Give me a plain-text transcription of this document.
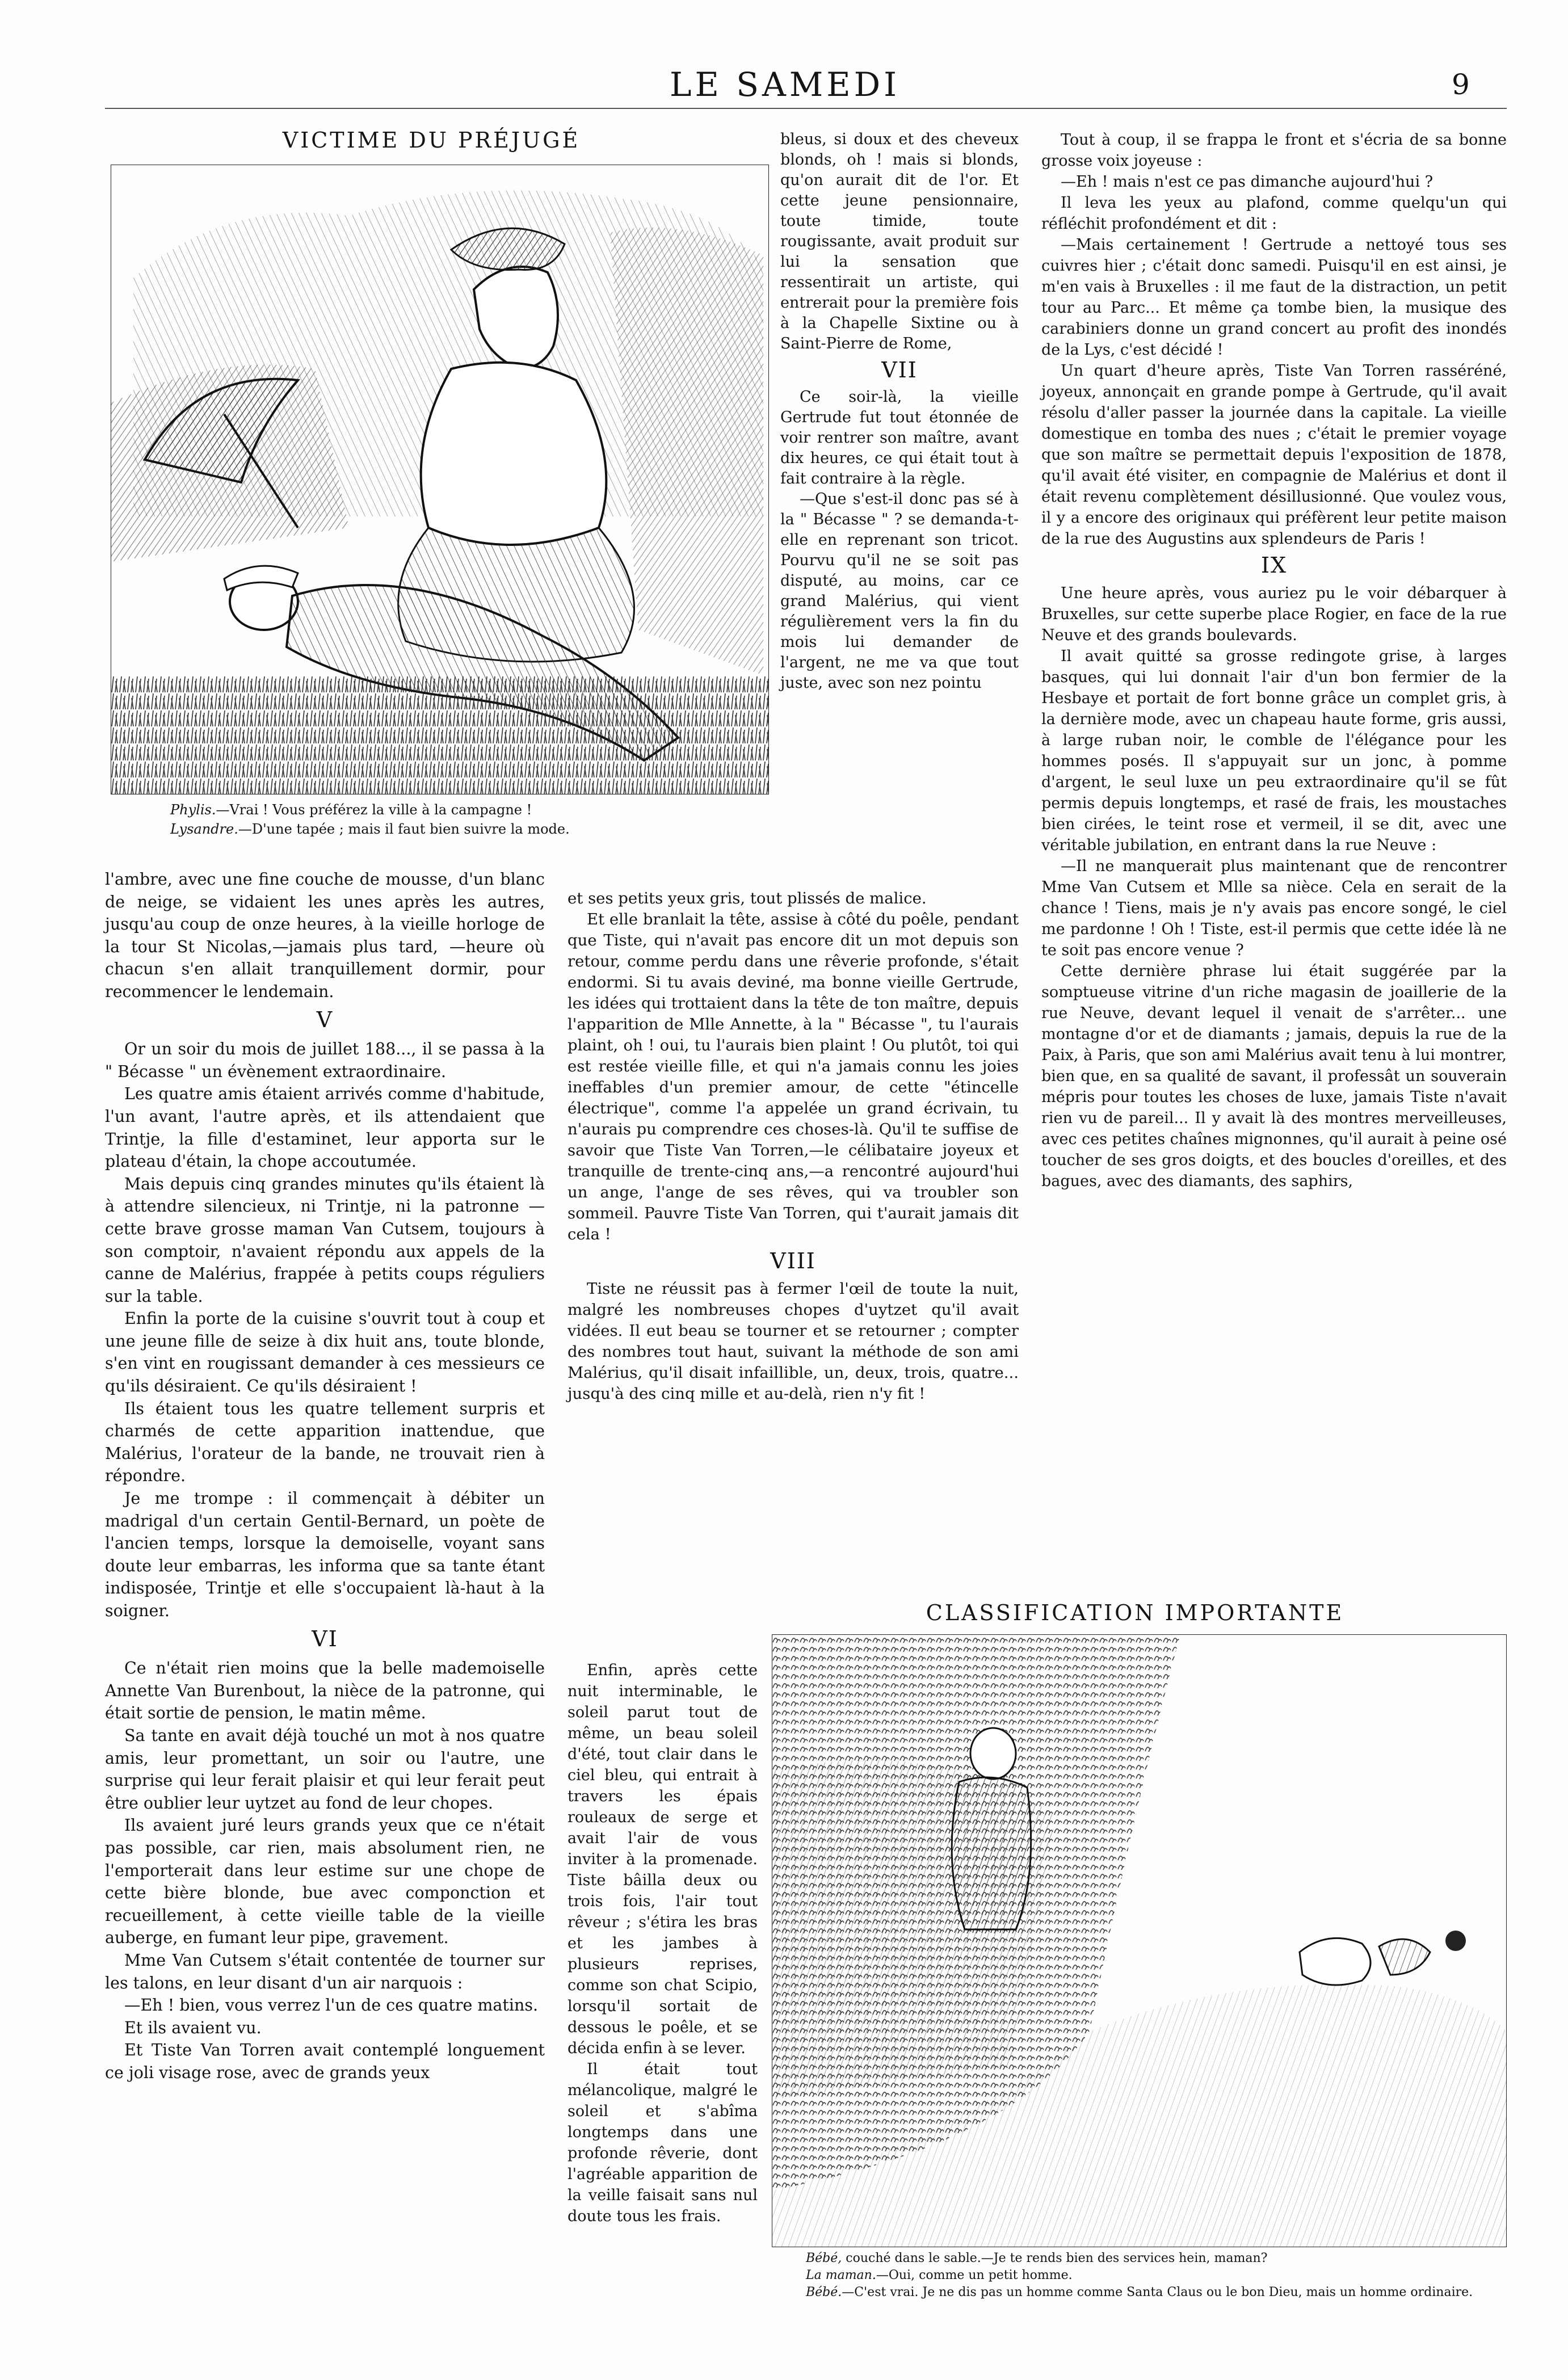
LE SAMEDI	9
VICTIME DU PRÉJUGÉ
Phylis.—Vrai ! Vous préférez la ville à la campagne !
Lysandre.—D'une tapée ; mais il faut bien suivre la mode.

l'ambre, avec une fine couche de mousse, d'un blanc de neige, se vidaient les unes après les autres, jusqu'au coup de onze heures, à la vieille horloge de la tour St Nicolas,—jamais plus tard, —heure où chacun s'en allait tranquillement dormir, pour recommencer le lendemain.

V

Or un soir du mois de juillet 188..., il se passa à la " Bécasse " un évènement extraordinaire.

Les quatre amis étaient arrivés comme d'habitude, l'un avant, l'autre après, et ils attendaient que Trintje, la fille d'estaminet, leur apporta sur le plateau d'étain, la chope accoutumée.

Mais depuis cinq grandes minutes qu'ils étaient là à attendre silencieux, ni Trintje, ni la patronne —cette brave grosse maman Van Cutsem, toujours à son comptoir, n'avaient répondu aux appels de la canne de Malérius, frappée à petits coups réguliers sur la table.

Enfin la porte de la cuisine s'ouvrit tout à coup et une jeune fille de seize à dix huit ans, toute blonde, s'en vint en rougissant demander à ces messieurs ce qu'ils désiraient. Ce qu'ils désiraient !

Ils étaient tous les quatre tellement surpris et charmés de cette apparition inattendue, que Malérius, l'orateur de la bande, ne trouvait rien à répondre.

Je me trompe : il commençait à débiter un madrigal d'un certain Gentil-Bernard, un poète de l'ancien temps, lorsque la demoiselle, voyant sans doute leur embarras, les informa que sa tante étant indisposée, Trintje et elle s'occupaient là-haut à la soigner.

VI

Ce n'était rien moins que la belle mademoiselle Annette Van Burenbout, la nièce de la patronne, qui était sortie de pension, le matin même.

Sa tante en avait déjà touché un mot à nos quatre amis, leur promettant, un soir ou l'autre, une surprise qui leur ferait plaisir et qui leur ferait peut être oublier leur uytzet au fond de leur chopes.

Ils avaient juré leurs grands yeux que ce n'était pas possible, car rien, mais absolument rien, ne l'emporterait dans leur estime sur une chope de cette bière blonde, bue avec componction et recueillement, à cette vieille table de la vieille auberge, en fumant leur pipe, gravement.

Mme Van Cutsem s'était contentée de tourner sur les talons, en leur disant d'un air narquois :

—Eh ! bien, vous verrez l'un de ces quatre matins.

Et ils avaient vu.

Et Tiste Van Torren avait contemplé longuement ce joli visage rose, avec de grands yeux

bleus, si doux et des cheveux blonds, oh ! mais si blonds, qu'on aurait dit de l'or. Et cette jeune pensionnaire, toute timide, toute rougissante, avait produit sur lui la sensation que ressentirait un artiste, qui entrerait pour la première fois à la Chapelle Sixtine ou à Saint-Pierre de Rome,

VII

Ce soir-là, la vieille Gertrude fut tout étonnée de voir rentrer son maître, avant dix heures, ce qui était tout à fait contraire à la règle.

—Que s'est-il donc pas sé à la " Bécasse " ? se demanda-t-elle en reprenant son tricot. Pourvu qu'il ne se soit pas disputé, au moins, car ce grand Malérius, qui vient régulièrement vers la fin du mois lui demander de l'argent, ne me va que tout juste, avec son nez pointu

et ses petits yeux gris, tout plissés de malice.

Et elle branlait la tête, assise à côté du poêle, pendant que Tiste, qui n'avait pas encore dit un mot depuis son retour, comme perdu dans une rêverie profonde, s'était endormi. Si tu avais deviné, ma bonne vieille Gertrude, les idées qui trottaient dans la tête de ton maître, depuis l'apparition de Mlle Annette, à la " Bécasse ", tu l'aurais plaint, oh ! oui, tu l'aurais bien plaint ! Ou plutôt, toi qui est restée vieille fille, et qui n'a jamais connu les joies ineffables d'un premier amour, de cette "étincelle électrique", comme l'a appelée un grand écrivain, tu n'aurais pu comprendre ces choses-là. Qu'il te suffise de savoir que Tiste Van Torren,—le célibataire joyeux et tranquille de trente-cinq ans,—a rencontré aujourd'hui un ange, l'ange de ses rêves, qui va troubler son sommeil. Pauvre Tiste Van Torren, qui t'aurait jamais dit cela !

VIII

Tiste ne réussit pas à fermer l'œil de toute la nuit, malgré les nombreuses chopes d'uytzet qu'il avait vidées. Il eut beau se tourner et se retourner ; compter des nombres tout haut, suivant la méthode de son ami Malérius, qu'il disait infaillible, un, deux, trois, quatre... jusqu'à des cinq mille et au-delà, rien n'y fit !

Enfin, après cette nuit interminable, le soleil parut tout de même, un beau soleil d'été, tout clair dans le ciel bleu, qui entrait à travers les épais rouleaux de serge et avait l'air de vous inviter à la promenade. Tiste bâilla deux ou trois fois, l'air tout rêveur ; s'étira les bras et les jambes à plusieurs reprises, comme son chat Scipio, lorsqu'il sortait de dessous le poêle, et se décida enfin à se lever.

Il était tout mélancolique, malgré le soleil et s'abîma longtemps dans une profonde rêverie, dont l'agréable apparition de la veille faisait sans nul doute tous les frais.

Tout à coup, il se frappa le front et s'écria de sa bonne grosse voix joyeuse :

—Eh ! mais n'est ce pas dimanche aujourd'hui ?

Il leva les yeux au plafond, comme quelqu'un qui réfléchit profondément et dit :

—Mais certainement ! Gertrude a nettoyé tous ses cuivres hier ; c'était donc samedi. Puisqu'il en est ainsi, je m'en vais à Bruxelles : il me faut de la distraction, un petit tour au Parc... Et même ça tombe bien, la musique des carabiniers donne un grand concert au profit des inondés de la Lys, c'est décidé !

Un quart d'heure après, Tiste Van Torren rasséréné, joyeux, annonçait en grande pompe à Gertrude, qu'il avait résolu d'aller passer la journée dans la capitale. La vieille domestique en tomba des nues ; c'était le premier voyage que son maître se permettait depuis l'exposition de 1878, qu'il avait été visiter, en compagnie de Malérius et dont il était revenu complètement désillusionné. Que voulez vous, il y a encore des originaux qui préfèrent leur petite maison de la rue des Augustins aux splendeurs de Paris !

IX

Une heure après, vous auriez pu le voir débarquer à Bruxelles, sur cette superbe place Rogier, en face de la rue Neuve et des grands boulevards.

Il avait quitté sa grosse redingote grise, à larges basques, qui lui donnait l'air d'un bon fermier de la Hesbaye et portait de fort bonne grâce un complet gris, à la dernière mode, avec un chapeau haute forme, gris aussi, à large ruban noir, le comble de l'élégance pour les hommes posés. Il s'appuyait sur un jonc, à pomme d'argent, le seul luxe un peu extraordinaire qu'il se fût permis depuis longtemps, et rasé de frais, les moustaches bien cirées, le teint rose et vermeil, il se dit, avec une véritable jubilation, en entrant dans la rue Neuve :

—Il ne manquerait plus maintenant que de rencontrer Mme Van Cutsem et Mlle sa nièce. Cela en serait de la chance ! Tiens, mais je n'y avais pas encore songé, le ciel me pardonne ! Oh ! Tiste, est-il permis que cette idée là ne te soit pas encore venue ?

Cette dernière phrase lui était suggérée par la somptueuse vitrine d'un riche magasin de joaillerie de la rue Neuve, devant lequel il venait de s'arrêter... une montagne d'or et de diamants ; jamais, depuis la rue de la Paix, à Paris, que son ami Malérius avait tenu à lui montrer, bien que, en sa qualité de savant, il professât un souverain mépris pour toutes les choses de luxe, jamais Tiste n'avait rien vu de pareil... Il y avait là des montres merveilleuses, avec ces petites chaînes mignonnes, qu'il aurait à peine osé toucher de ses gros doigts, et des boucles d'oreilles, et des bagues, avec des diamants, des saphirs,

CLASSIFICATION IMPORTANTE
Bébé, couché dans le sable.—Je te rends bien des services hein, maman?
La maman.—Oui, comme un petit homme.
Bébé.—C'est vrai. Je ne dis pas un homme comme Santa Claus ou le bon Dieu, mais un homme ordinaire.
